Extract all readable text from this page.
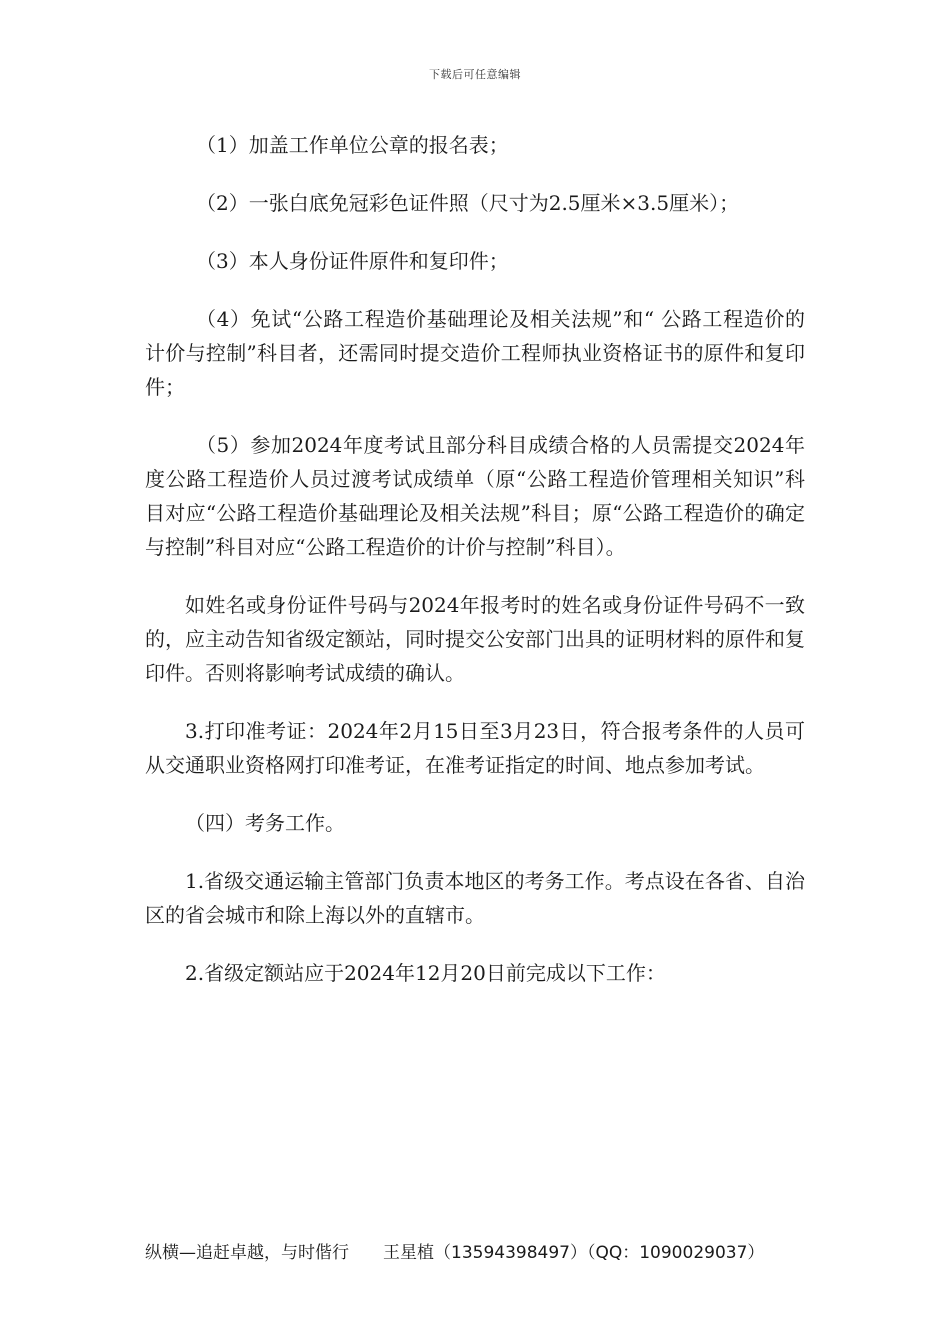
下载后可任意编辑

（1）加盖工作单位公章的报名表；

（2）一张白底免冠彩色证件照（尺寸为2.5厘米×3.5厘米）；

（3）本人身份证件原件和复印件；

（4）免试“公路工程造价基础理论及相关法规”和“ 公路工程造价的计价与控制”科目者，还需同时提交造价工程师执业资格证书的原件和复印件；

（5）参加2024年度考试且部分科目成绩合格的人员需提交2024年度公路工程造价人员过渡考试成绩单（原“公路工程造价管理相关知识”科目对应“公路工程造价基础理论及相关法规”科目；原“公路工程造价的确定与控制”科目对应“公路工程造价的计价与控制”科目）。

如姓名或身份证件号码与2024年报考时的姓名或身份证件号码不一致的，应主动告知省级定额站，同时提交公安部门出具的证明材料的原件和复印件。否则将影响考试成绩的确认。

3.打印准考证：2024年2月15日至3月23日，符合报考条件的人员可从交通职业资格网打印准考证，在准考证指定的时间、地点参加考试。

（四）考务工作。

1.省级交通运输主管部门负责本地区的考务工作。考点设在各省、自治区的省会城市和除上海以外的直辖市。

2.省级定额站应于2024年12月20日前完成以下工作：

纵横—追赶卓越，与时偕行 王星植（13594398497）（QQ：1090029037）
